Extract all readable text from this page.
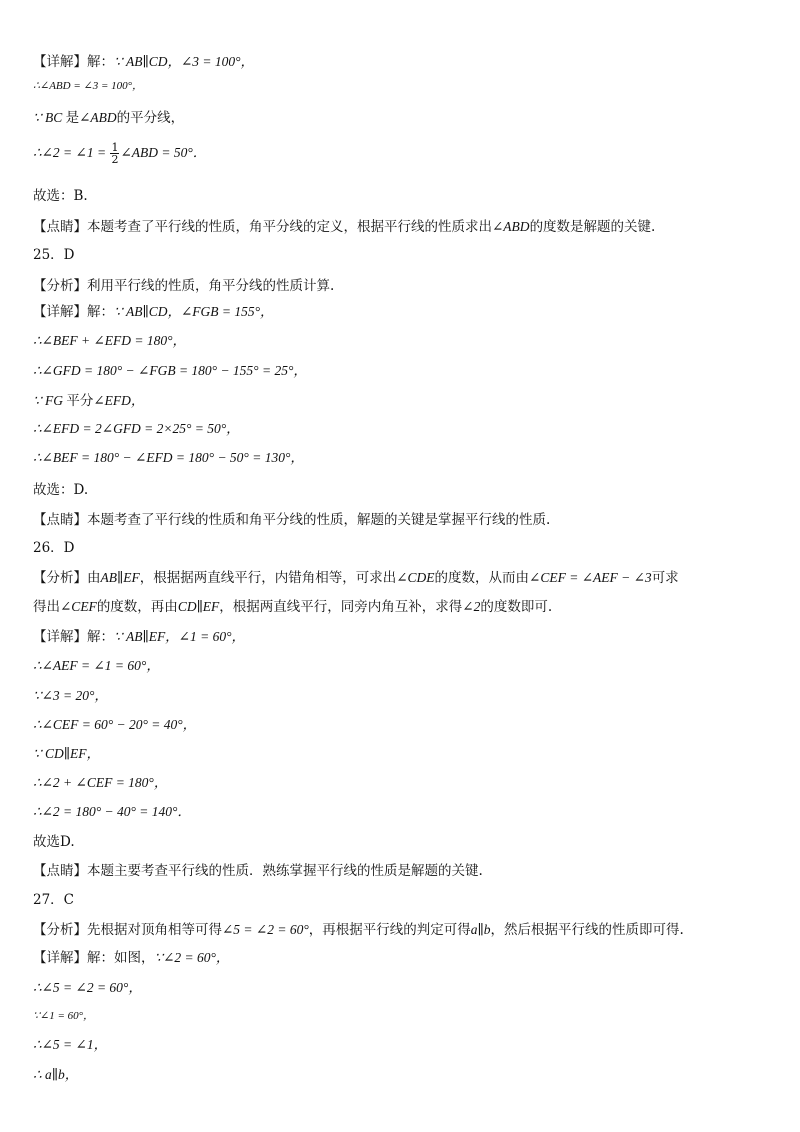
【详解】解：∵ AB∥CD，∠3 = 100°，
∴∠ABD = ∠3 = 100°，
∵ BC 是∠ABD的平分线，
∴∠2 = ∠1 = $\frac{1}{2}$ ∠ABD = 50°．
故选：B.
【点睛】本题考查了平行线的性质，角平分线的定义，根据平行线的性质求出∠ABD的度数是解题的关键.
25．D
【分析】利用平行线的性质，角平分线的性质计算.
【详解】解：∵ AB∥CD，∠FGB = 155°，
∴∠BEF + ∠EFD = 180°，
∴∠GFD = 180° − ∠FGB = 180° − 155° = 25°，
∵ FG 平分∠EFD，
∴∠EFD = 2∠GFD = 2×25° = 50°，
∴∠BEF = 180° − ∠EFD = 180° − 50° = 130°，
故选：D.
【点睛】本题考查了平行线的性质和角平分线的性质，解题的关键是掌握平行线的性质.
26．D
【分析】由AB∥EF，根据据两直线平行，内错角相等，可求出∠CDE的度数，从而由∠CEF = ∠AEF − ∠3可求
得出∠CEF的度数，再由CD∥EF，根据两直线平行，同旁内角互补，求得∠2的度数即可.
【详解】解：∵ AB∥EF，∠1 = 60°，
∴∠AEF = ∠1 = 60°，
∵∠3 = 20°，
∴∠CEF = 60° − 20° = 40°，
∵ CD∥EF，
∴∠2 + ∠CEF = 180°，
∴∠2 = 180° − 40° = 140°．
故选D.
【点睛】本题主要考查平行线的性质．熟练掌握平行线的性质是解题的关键.
27．C
【分析】先根据对顶角相等可得∠5 = ∠2 = 60°，再根据平行线的判定可得a∥b，然后根据平行线的性质即可得.
【详解】解：如图，∵∠2 = 60°，
∴∠5 = ∠2 = 60°，
∵∠1 = 60°，
∴∠5 = ∠1，
∴ a∥b，
